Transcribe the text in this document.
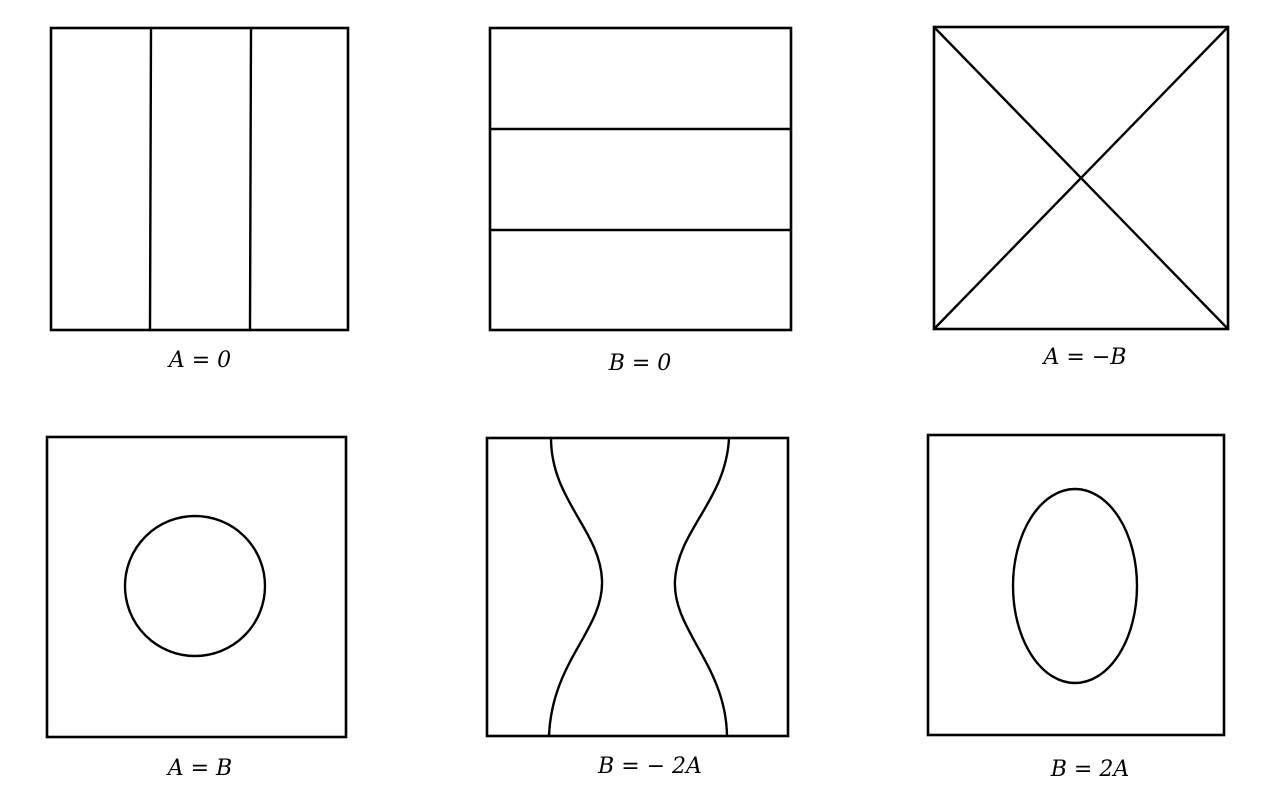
A = 0	B = 0	A = −B
A = B	B = − 2A	B = 2A
